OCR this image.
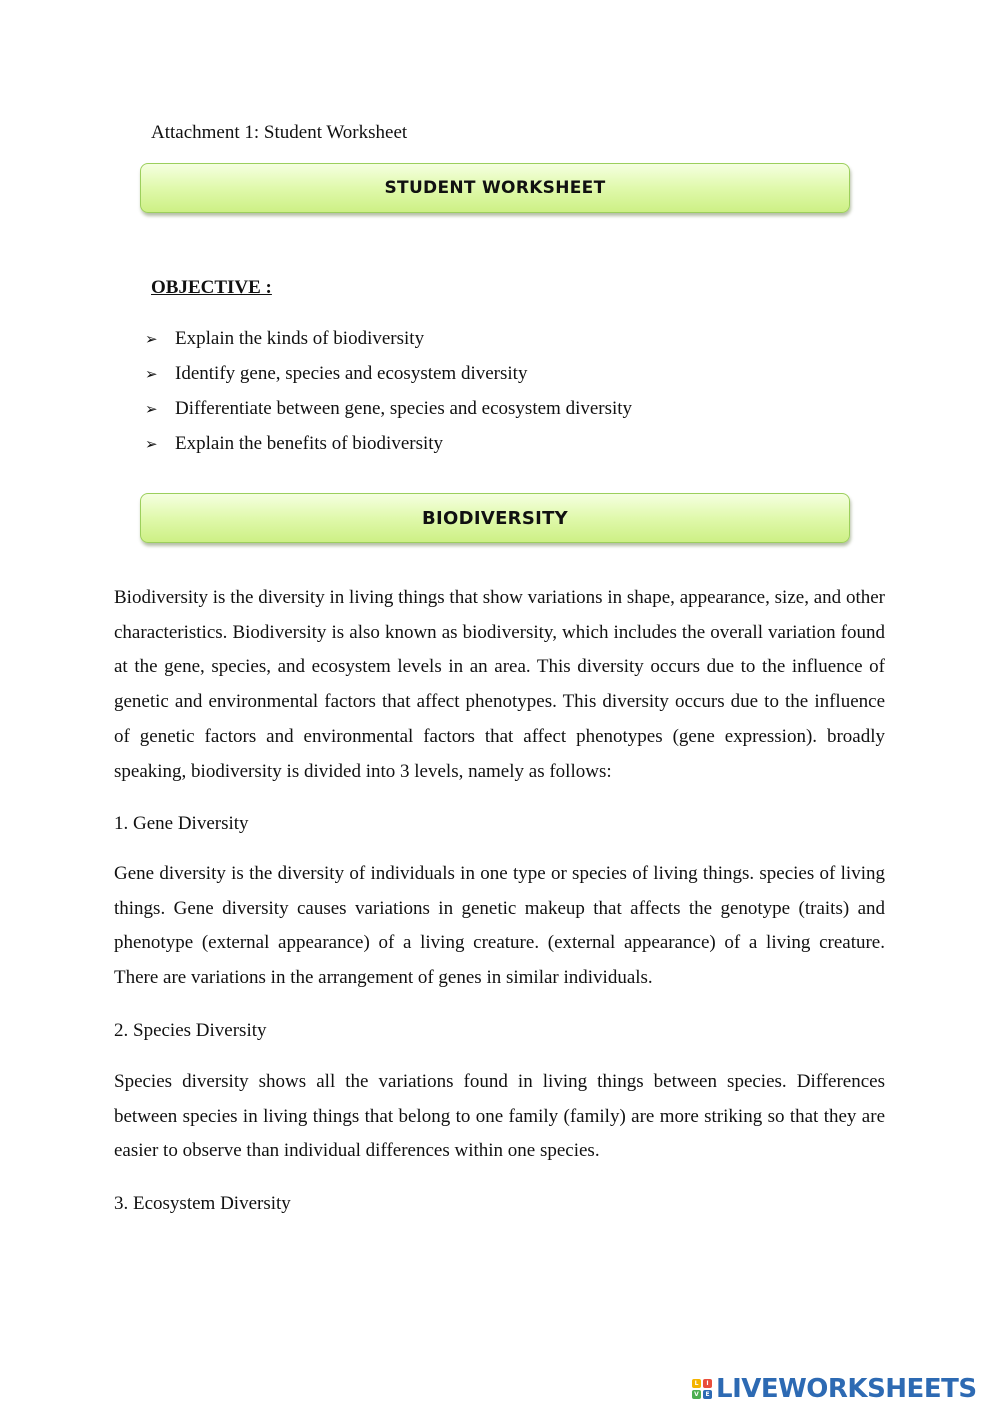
Attachment 1: Student Worksheet
STUDENT WORKSHEET
OBJECTIVE :
➢ Explain the kinds of biodiversity
➢ Identify gene, species and ecosystem diversity
➢ Differentiate between gene, species and ecosystem diversity
➢ Explain the benefits of biodiversity
BIODIVERSITY

Biodiversity is the diversity in living things that show variations in shape, appearance, size, and other characteristics. Biodiversity is also known as biodiversity, which includes the overall variation found at the gene, species, and ecosystem levels in an area. This diversity occurs due to the influence of genetic and environmental factors that affect phenotypes. This diversity occurs due to the influence of genetic factors and environmental factors that affect phenotypes (gene expression). broadly speaking, biodiversity is divided into 3 levels, namely as follows:

1. Gene Diversity

Gene diversity is the diversity of individuals in one type or species of living things. species of living things. Gene diversity causes variations in genetic makeup that affects the genotype (traits) and phenotype (external appearance) of a living creature. (external appearance) of a living creature. There are variations in the arrangement of genes in similar individuals.

2. Species Diversity

Species diversity shows all the variations found in living things between species. Differences between species in living things that belong to one family (family) are more striking so that they are easier to observe than individual differences within one species.

3. Ecosystem Diversity

L	I
V	E LIVEWORKSHEETS
